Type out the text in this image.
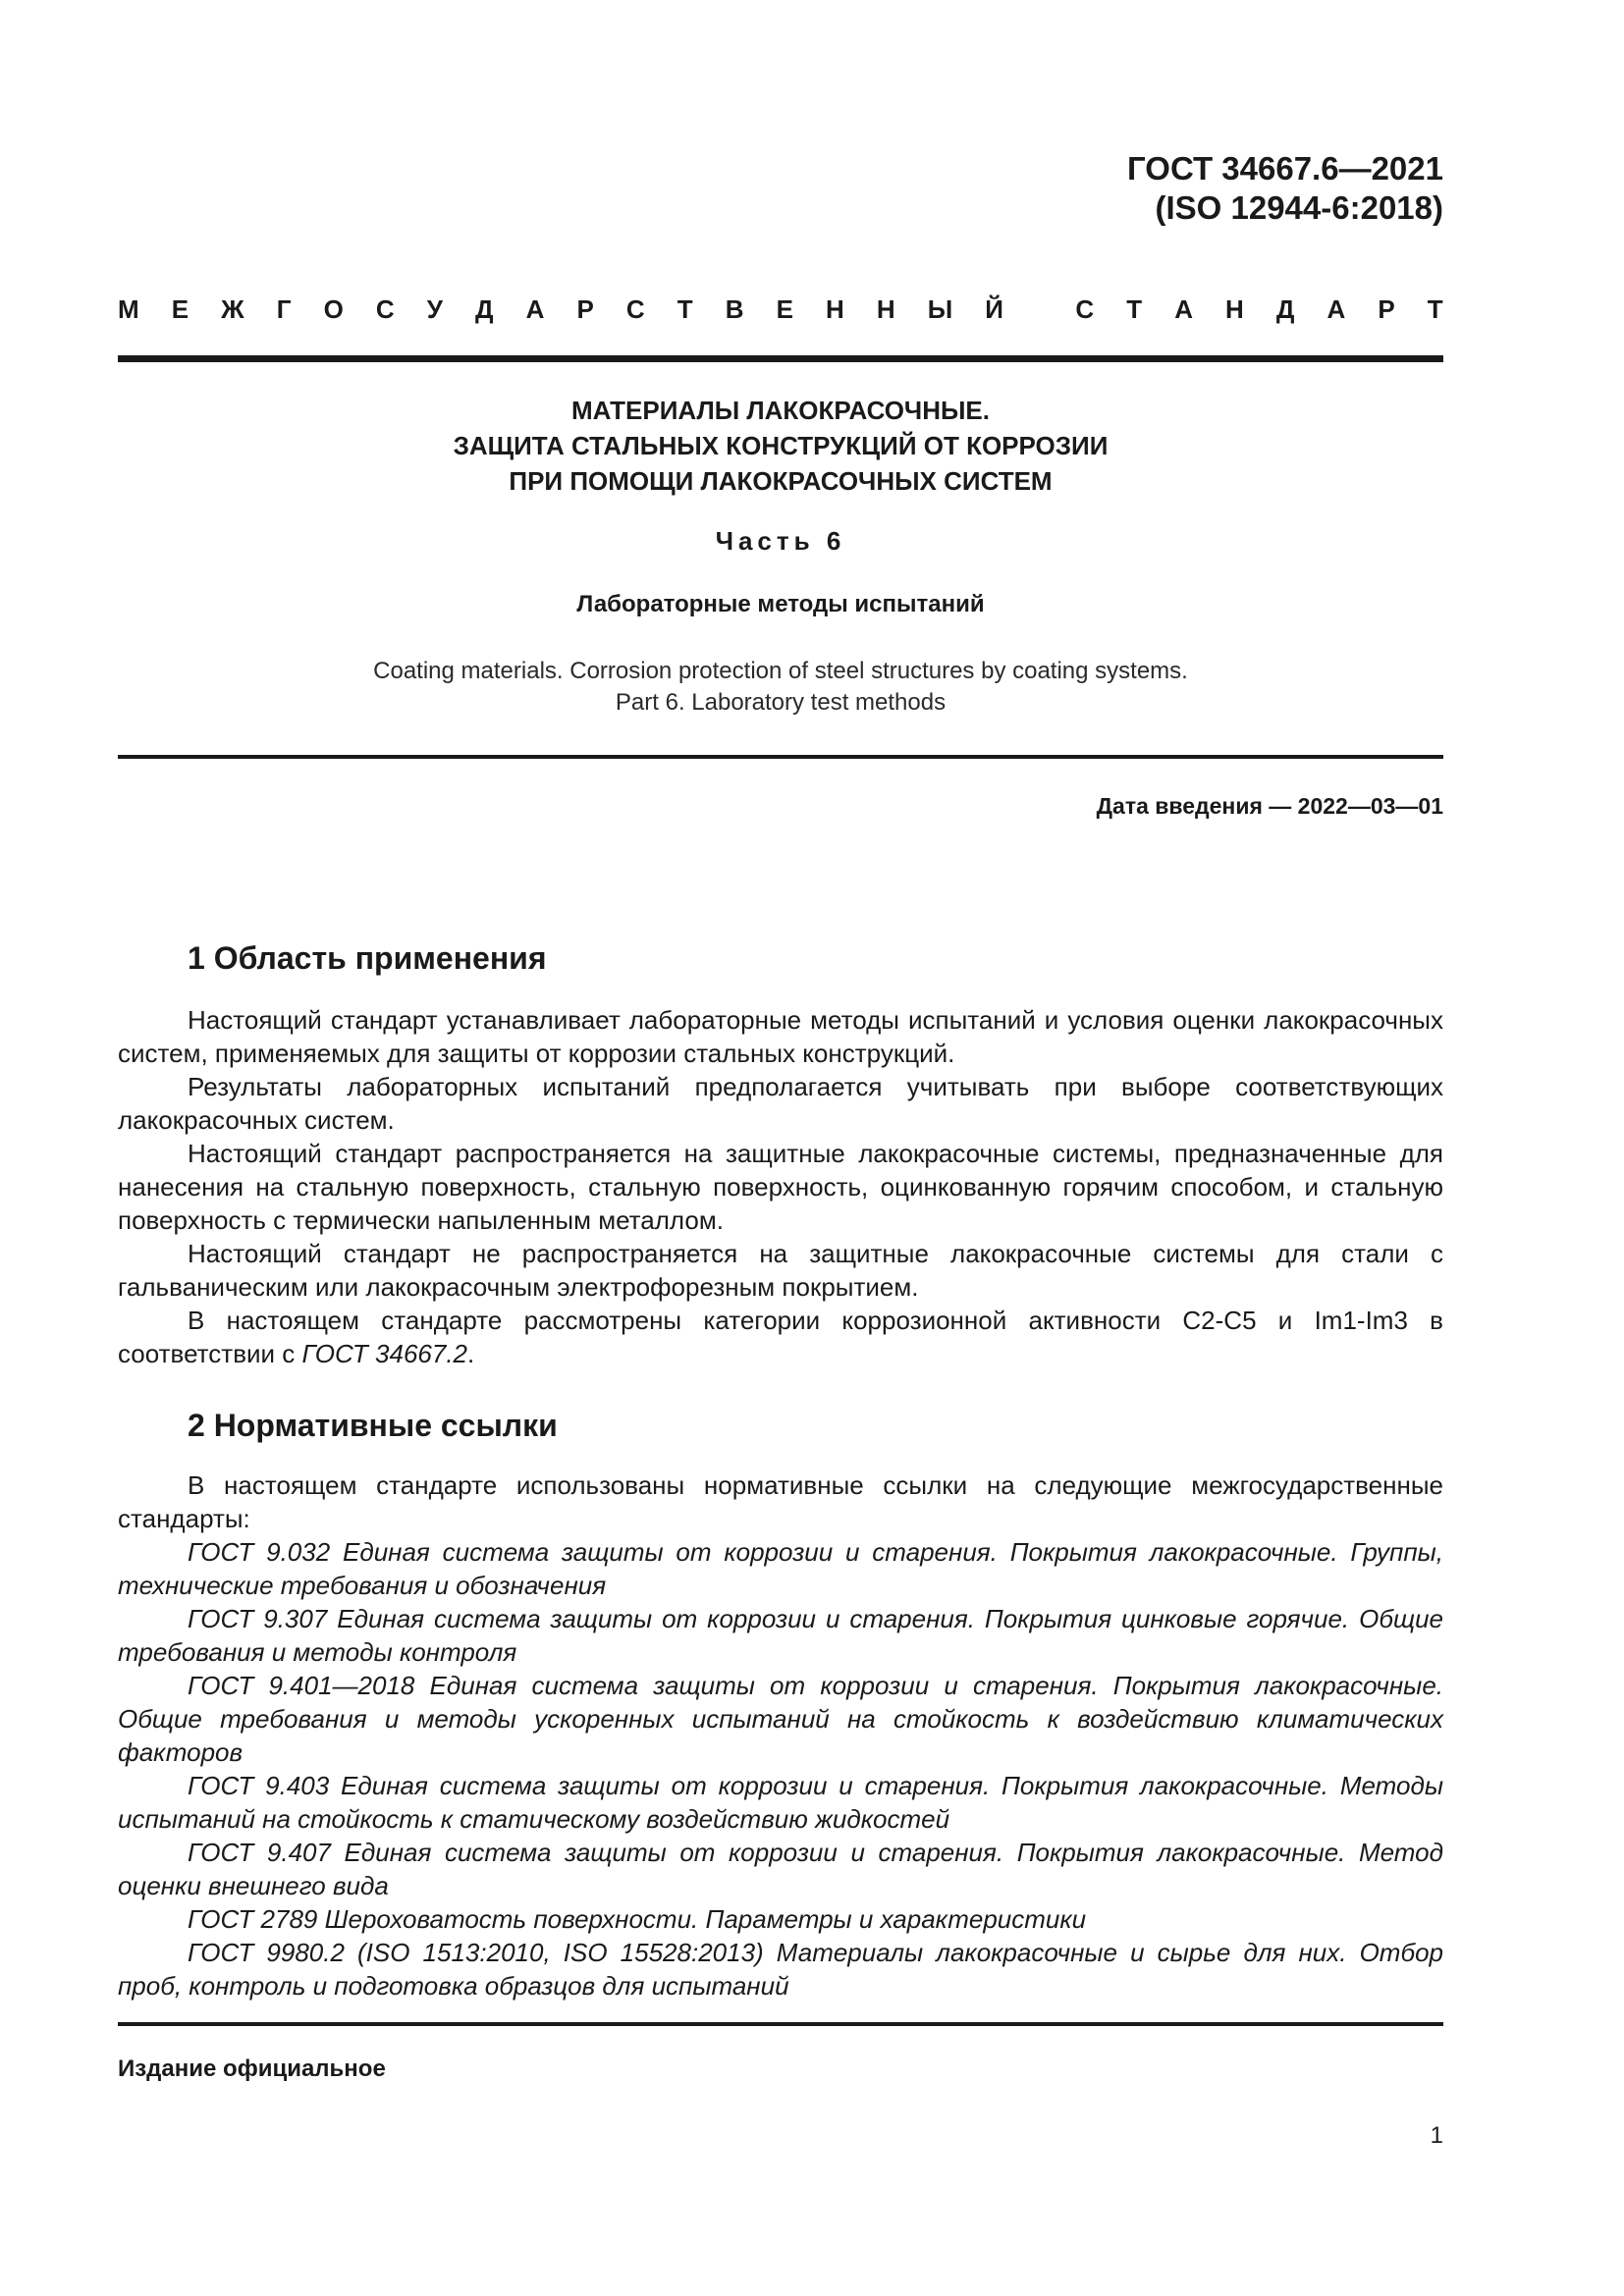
ГОСТ 34667.6—2021
(ISO 12944-6:2018)
М Е Ж Г О С У Д А Р С Т В Е Н Н Ы Й
	С Т А Н Д А Р Т
МАТЕРИАЛЫ ЛАКОКРАСОЧНЫЕ.
ЗАЩИТА СТАЛЬНЫХ КОНСТРУКЦИЙ ОТ КОРРОЗИИ
ПРИ ПОМОЩИ ЛАКОКРАСОЧНЫХ СИСТЕМ
Часть 6
Лабораторные методы испытаний
Coating materials. Corrosion protection of steel structures by coating systems.
Part 6. Laboratory test methods
Дата введения — 2022—03—01
1 Область применения

Настоящий стандарт устанавливает лабораторные методы испытаний и условия оценки лакокрасочных систем, применяемых для защиты от коррозии стальных конструкций.

Результаты лабораторных испытаний предполагается учитывать при выборе соответствующих лакокрасочных систем.

Настоящий стандарт распространяется на защитные лакокрасочные системы, предназначенные для нанесения на стальную поверхность, стальную поверхность, оцинкованную горячим способом, и стальную поверхность с термически напыленным металлом.

Настоящий стандарт не распространяется на защитные лакокрасочные системы для стали с гальваническим или лакокрасочным электрофорезным покрытием.

В настоящем стандарте рассмотрены категории коррозионной активности С2-С5 и Im1-Im3 в соответствии с ГОСТ 34667.2.

2 Нормативные ссылки

В настоящем стандарте использованы нормативные ссылки на следующие межгосударственные стандарты:

ГОСТ 9.032 Единая система защиты от коррозии и старения. Покрытия лакокрасочные. Группы, технические требования и обозначения

ГОСТ 9.307 Единая система защиты от коррозии и старения. Покрытия цинковые горячие. Общие требования и методы контроля

ГОСТ 9.401—2018 Единая система защиты от коррозии и старения. Покрытия лакокрасочные. Общие требования и методы ускоренных испытаний на стойкость к воздействию климатических факторов

ГОСТ 9.403 Единая система защиты от коррозии и старения. Покрытия лакокрасочные. Методы испытаний на стойкость к статическому воздействию жидкостей

ГОСТ 9.407 Единая система защиты от коррозии и старения. Покрытия лакокрасочные. Метод оценки внешнего вида

ГОСТ 2789 Шероховатость поверхности. Параметры и характеристики

ГОСТ 9980.2 (ISO 1513:2010, ISO 15528:2013) Материалы лакокрасочные и сырье для них. Отбор проб, контроль и подготовка образцов для испытаний

Издание официальное
1
